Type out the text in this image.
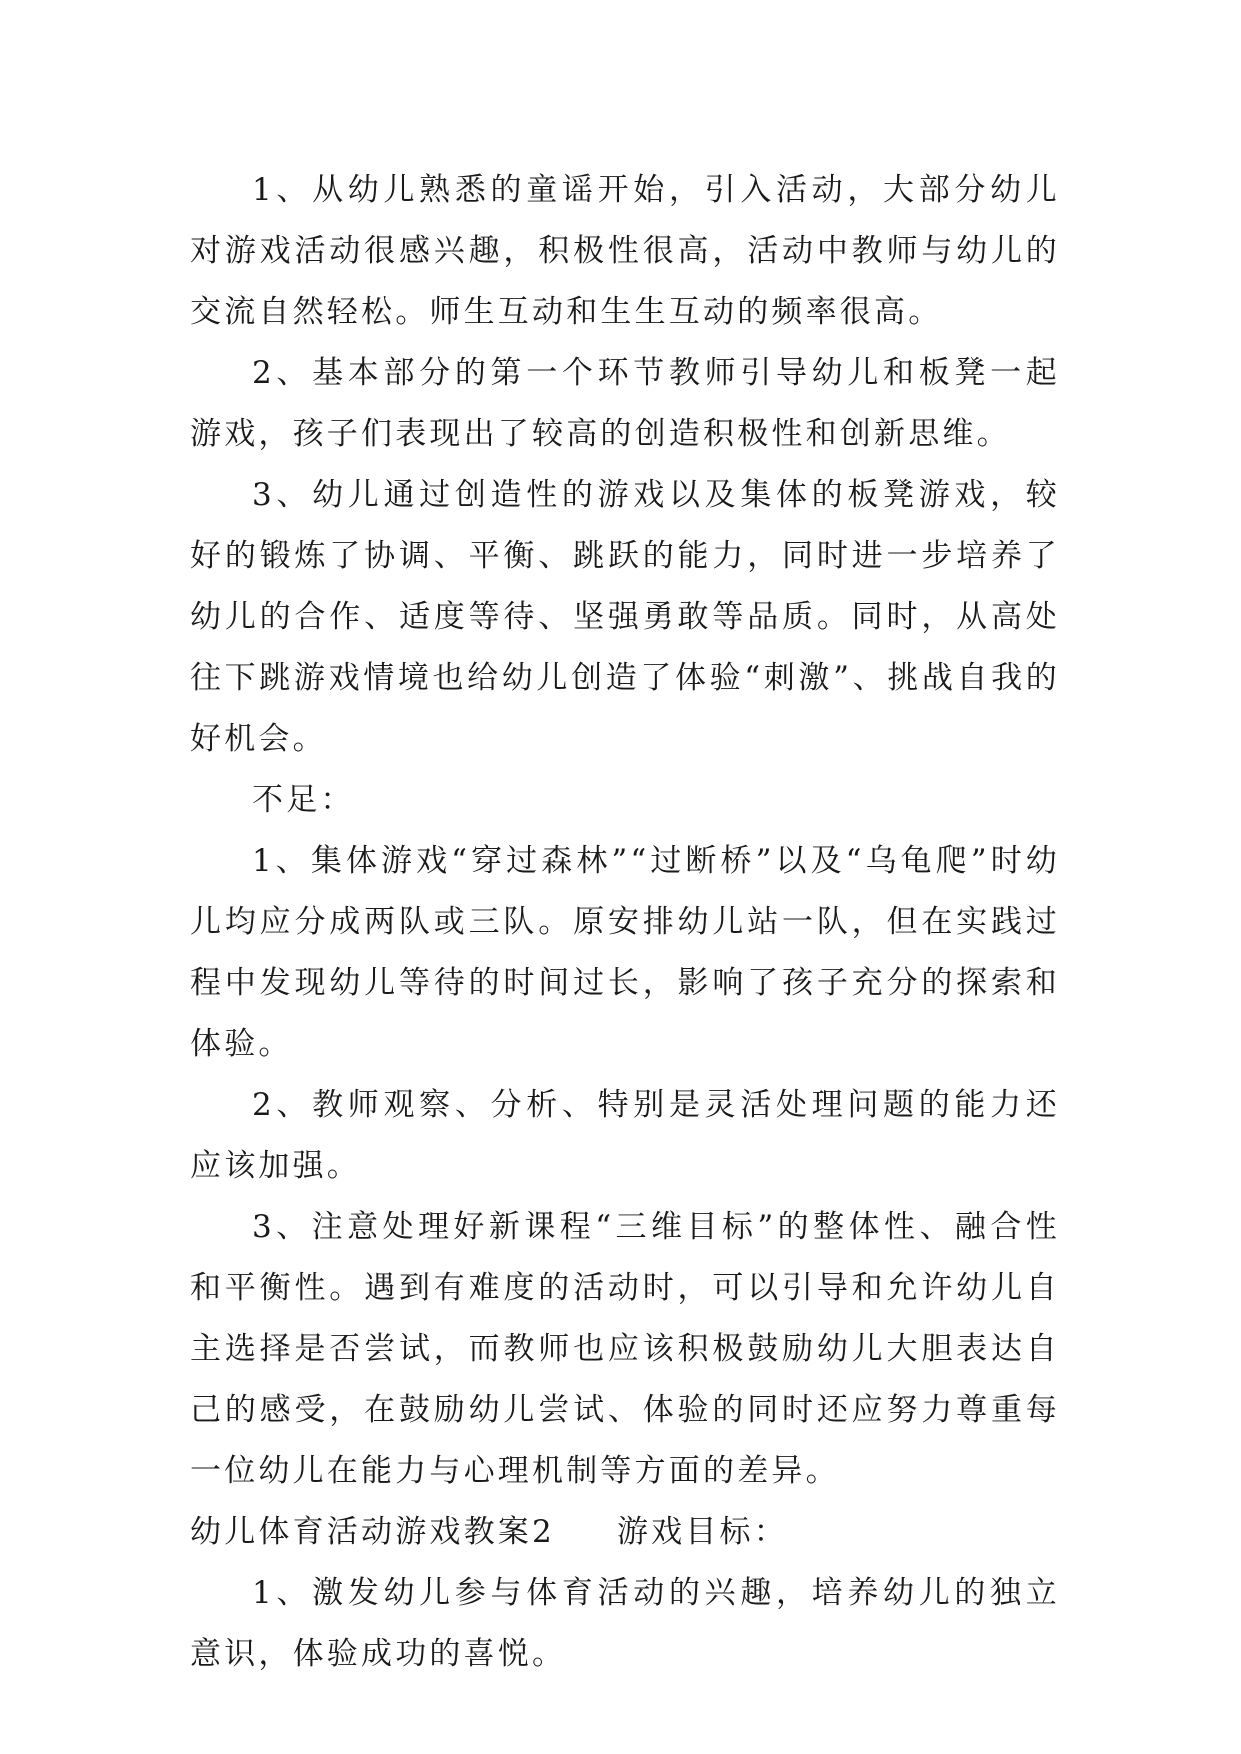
1、从幼儿熟悉的童谣开始，引入活动，大部分幼儿对游戏活动很感兴趣，积极性很高，活动中教师与幼儿的交流自然轻松。师生互动和生生互动的频率很高。

2、基本部分的第一个环节教师引导幼儿和板凳一起游戏，孩子们表现出了较高的创造积极性和创新思维。

3、幼儿通过创造性的游戏以及集体的板凳游戏，较好的锻炼了协调、平衡、跳跃的能力，同时进一步培养了幼儿的合作、适度等待、坚强勇敢等品质。同时，从高处往下跳游戏情境也给幼儿创造了体验“刺激”、挑战自我的好机会。

不足：

1、集体游戏“穿过森林”“过断桥”以及“乌龟爬”时幼儿均应分成两队或三队。原安排幼儿站一队，但在实践过程中发现幼儿等待的时间过长，影响了孩子充分的探索和体验。

2、教师观察、分析、特别是灵活处理问题的能力还应该加强。

3、注意处理好新课程“三维目标”的整体性、融合性和平衡性。遇到有难度的活动时，可以引导和允许幼儿自主选择是否尝试，而教师也应该积极鼓励幼儿大胆表达自己的感受，在鼓励幼儿尝试、体验的同时还应努力尊重每一位幼儿在能力与心理机制等方面的差异。

幼儿体育活动游戏教案2 游戏目标：

1、激发幼儿参与体育活动的兴趣，培养幼儿的独立意识，体验成功的喜悦。
